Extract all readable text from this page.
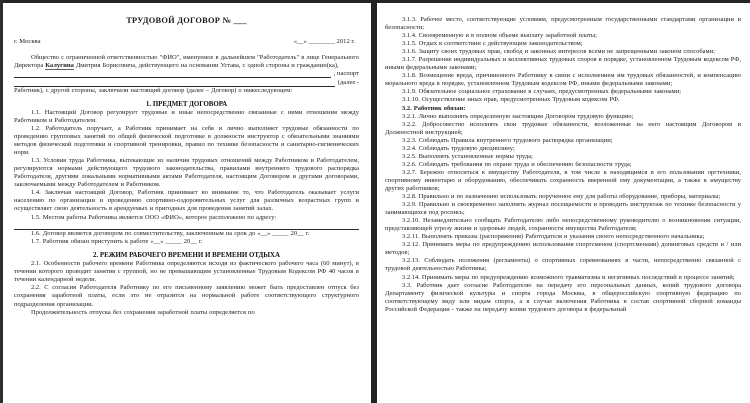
ТРУДОВОЙ ДОГОВОР № ___
г. Москва	«__» ________ 2012 г.

Общество с ограниченной ответственностью "ФИО", именуемое в дальнейшем "Работодатель" в лице Генерального Директора Калугина Дмитрия Борисовича, действующего на основании Устава, с одной стороны и гражданин(ка),

, паспорт
(далее -

Работник), с другой стороны, заключили настоящий договор (далее – Договор) о нижеследующем:

1. ПРЕДМЕТ ДОГОВОРА

1.1. Настоящий Договор регулирует трудовые и иные непосредственно связанные с ними отношения между Работником и Работодателем.

1.2. Работодатель поручает, а Работник принимает на себя и лично выполняет трудовые обязанности по проведению групповых занятий по общей физической подготовке в должности инструктор с обязательными знаниями методов физической подготовки и спортивной тренировки, правил по технике безопасности и санитарно-гигиенических норм.

1.3. Условия труда Работника, вытекающие из наличия трудовых отношений между Работником и Работодателем, регулируются нормами действующего трудового законодательства, правилами внутреннего трудового распорядка Работодателя, другими локальными нормативными актами Работодателя, настоящим Договором и другими договорами, заключаемыми между Работодателем и Работником.

1.4. Заключая настоящий Договор, Работник принимает во внимание то, что Работодатель оказывает услуги населению по организации и проведению спортивно-оздоровительных услуг для различных возрастных групп и осуществляет свою деятельность в арендуемых и пригодных для проведения занятий залах.

1.5. Местом работы Работника является ООО «ФИО», которое расположено по адресу:

1.6. Договор является договором по совместительству, заключенным на срок до «__» _____ 20__ г.

1.7. Работник обязан приступить к работе «__» _____ 20__ г.

2. РЕЖИМ РАБОЧЕГО ВРЕМЕНИ И ВРЕМЕНИ ОТДЫХА

2.1. Особенности рабочего времени Работника определяются исходя из фактического рабочего часа (60 минут), в течении которого проводит занятия с группой, но не превышающим установленные Трудовым Кодексом РФ 40 часов в течении календарной недели.

2.2. С согласия Работодателя Работнику по его письменному заявлению может быть предоставлен отпуск без сохранения заработной платы, если это не отразится на нормальной работе соответствующего структурного подразделения организации.

Продолжительность отпуска без сохранения заработной платы определяется по

3.1.3. Рабочее место, соответствующие условиям, предусмотренным государственными стандартами организации и безопасности;

3.1.4. Своевременную и в полном объеме выплату заработной платы;

3.1.5. Отдых в соответствии с действующим законодательством;

3.1.6. Защиту своих трудовых прав, свобод и законных интересов всеми не запрещенными законом способами;

3.1.7. Разрешение индивидуальных и коллективных трудовых споров в порядке, установленном Трудовым кодексом РФ, иными федеральными законами;

3.1.8. Возмещение вреда, причиненного Работнику в связи с исполнением им трудовых обязанностей, и компенсацию морального вреда в порядке, установленном Трудовым кодексом РФ, иными федеральными законами;

3.1.9. Обязательное социальное страхование в случаях, предусмотренных федеральными законами;

3.1.10. Осуществление иных прав, предусмотренных Трудовым кодексом РФ.

3.2. Работник обязан:

3.2.1. Лично выполнять определенную настоящим Договором трудовую функцию;

3.2.2. Добросовестно исполнять свои трудовые обязанности, возложенные на него настоящим Договором и Должностной инструкцией;

3.2.3. Соблюдать Правила внутреннего трудового распорядка организации;

3.2.4. Соблюдать трудовую дисциплину;

3.2.5. Выполнять установленные нормы труда;

3.2.6. Соблюдать требования по охране труда и обеспечению безопасности труда;

3.2.7. Бережно относиться к имуществу Работодателя, в том числе к находящимся в его пользовании оргтехники, спортивному инвентарю и оборудованию, обеспечивать сохранность вверенной ему документации, а также к имуществу других работников;

3.2.8. Правильно и по назначению использовать порученное ему для работы оборудование, приборы, материалы;

3.2.9. Правильно и своевременно заполнять журнал посещаемости и проводить инструктаж по технике безопасности у занимающихся под роспись;

3.2.10. Незамедлительно сообщать Работодателю либо непосредственному руководителю о возникновении ситуации, представляющей угрозу жизни и здоровью людей, сохранности имущества Работодателя;

3.2.11. Выполнять приказы (распоряжения) Работодателя и указания своего непосредственного начальника;

3.2.12. Принимать меры по предупреждению использования спортсменом (спортсменами) допинговых средств и / или методов;

3.2.13. Соблюдать положения (регламенты) о спортивных соревнованиях в части, непосредственно связанной с трудовой деятельностью Работника;

3.2.14. Принимать меры по предупреждению возможного травматизма и негативных последствий в процессе занятий;

3.3. Работник дает согласие Работодателю на передачу его персональных данных, копий трудового договора Департаменту физической культуры и спорта города Москвы, в общероссийскую спортивную федерацию по соответствующему виду или видам спорта, а в случае включения Работника в состав спортивной сборной команды Российской Федерации - также на передачу копии трудового договора в федеральный
